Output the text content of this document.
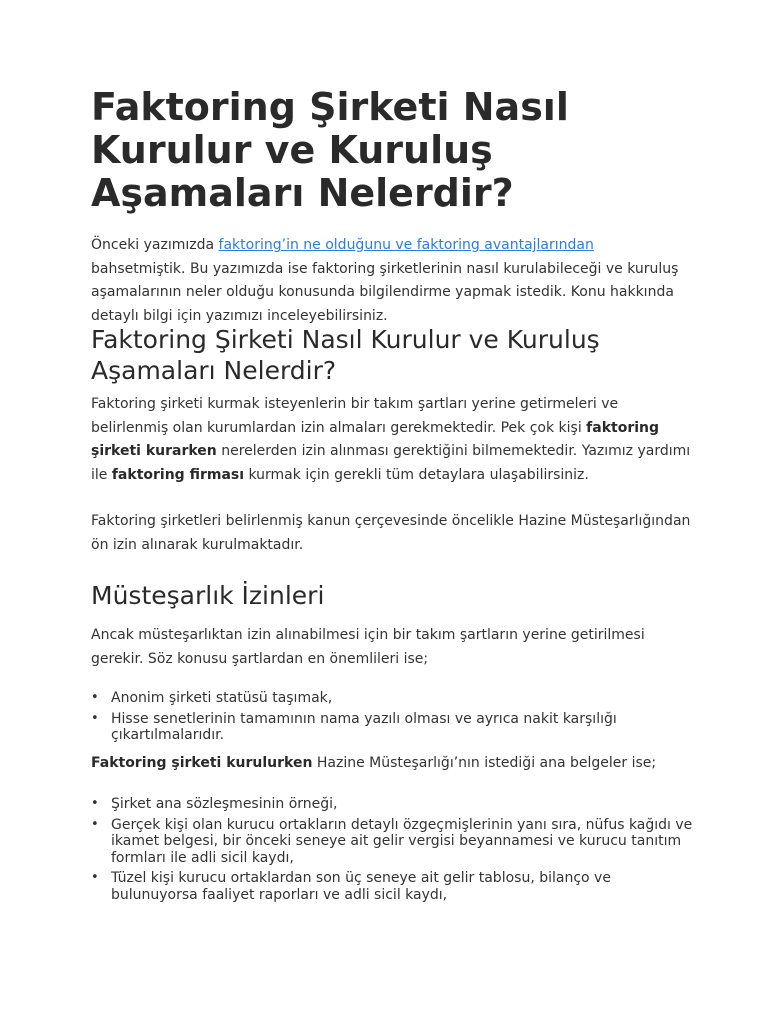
Faktoring Şirketi Nasıl Kurulur ve Kuruluş Aşamaları Nelerdir?

Önceki yazımızda faktoring’in ne olduğunu ve faktoring avantajlarından bahsetmiştik. Bu yazımızda ise faktoring şirketlerinin nasıl kurulabileceği ve kuruluş aşamalarının neler olduğu konusunda bilgilendirme yapmak istedik. Konu hakkında detaylı bilgi için yazımızı inceleyebilirsiniz.

Faktoring Şirketi Nasıl Kurulur ve Kuruluş Aşamaları Nelerdir?

Faktoring şirketi kurmak isteyenlerin bir takım şartları yerine getirmeleri ve belirlenmiş olan kurumlardan izin almaları gerekmektedir. Pek çok kişi faktoring şirketi kurarken nerelerden izin alınması gerektiğini bilmemektedir. Yazımız yardımı ile faktoring firması kurmak için gerekli tüm detaylara ulaşabilirsiniz.

Faktoring şirketleri belirlenmiş kanun çerçevesinde öncelikle Hazine Müsteşarlığından ön izin alınarak kurulmaktadır.

Müsteşarlık İzinleri

Ancak müsteşarlıktan izin alınabilmesi için bir takım şartların yerine getirilmesi gerekir. Söz konusu şartlardan en önemlileri ise;

• Anonim şirketi statüsü taşımak,
• Hisse senetlerinin tamamının nama yazılı olması ve ayrıca nakit karşılığı çıkartılmalarıdır.

Faktoring şirketi kurulurken Hazine Müsteşarlığı’nın istediği ana belgeler ise;

• Şirket ana sözleşmesinin örneği,
• Gerçek kişi olan kurucu ortakların detaylı özgeçmişlerinin yanı sıra, nüfus kağıdı ve ikamet belgesi, bir önceki seneye ait gelir vergisi beyannamesi ve kurucu tanıtım formları ile adli sicil kaydı,
• Tüzel kişi kurucu ortaklardan son üç seneye ait gelir tablosu, bilanço ve bulunuyorsa faaliyet raporları ve adli sicil kaydı,
